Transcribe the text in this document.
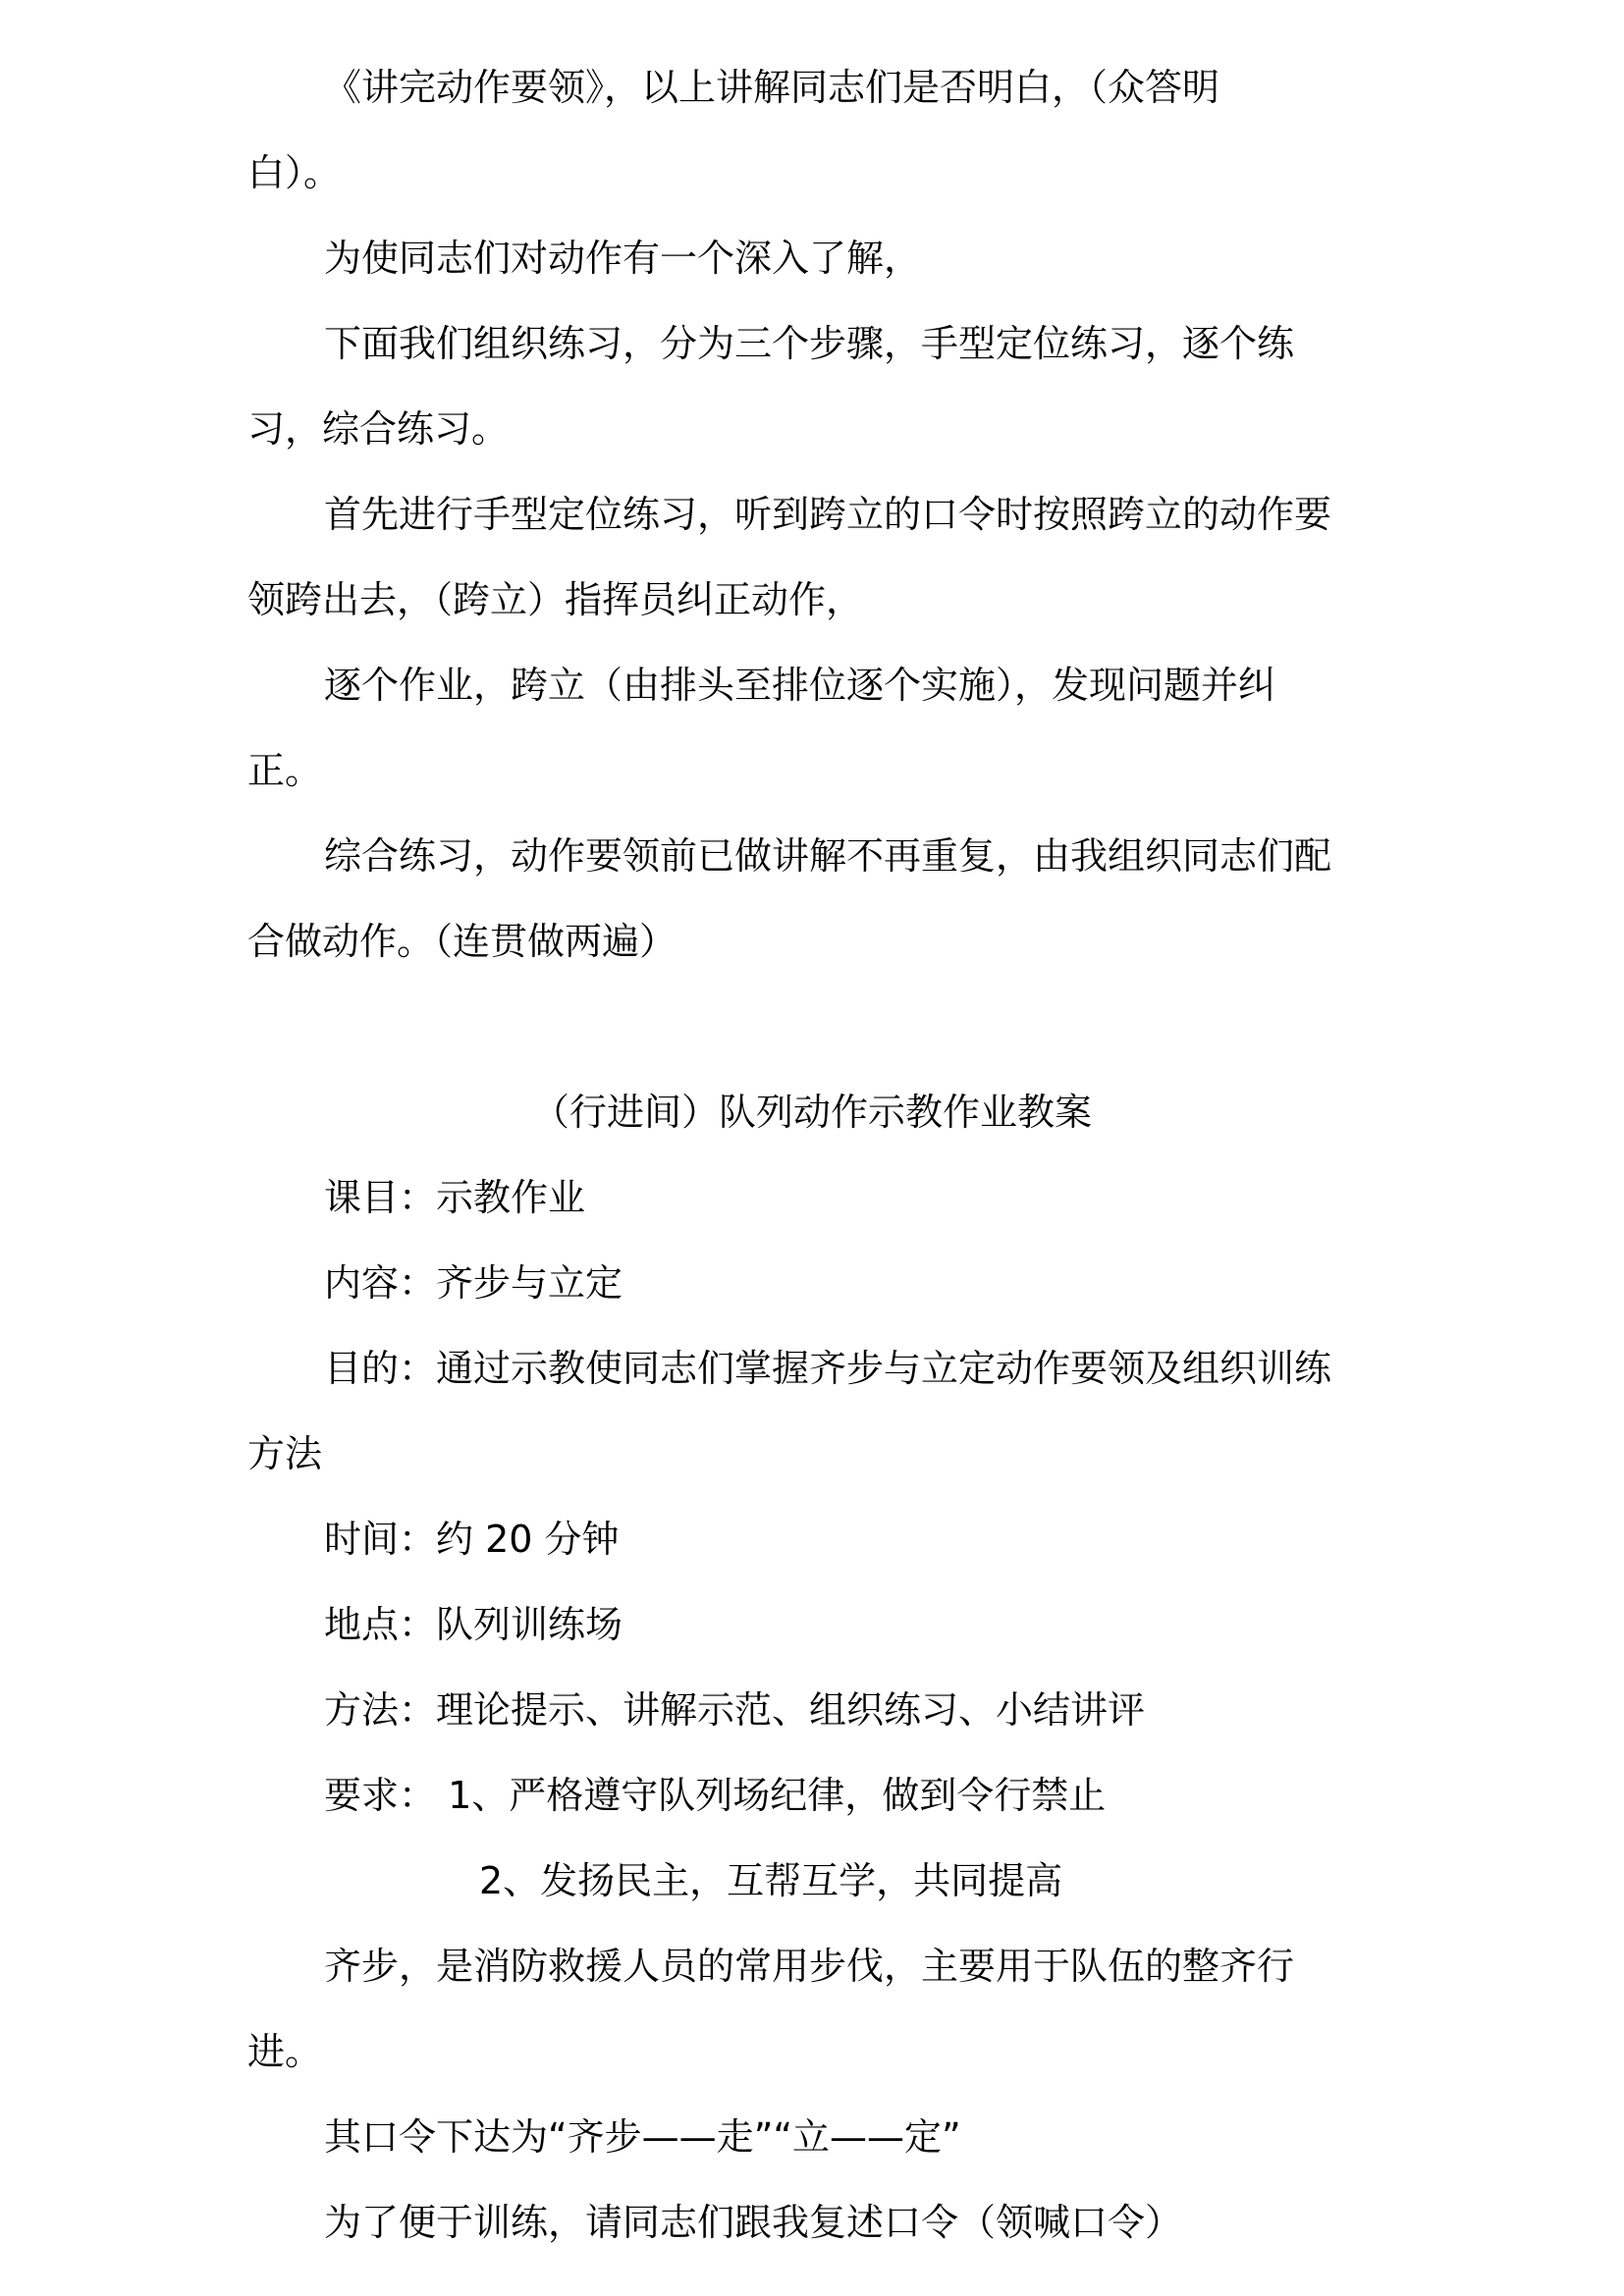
《讲完动作要领》，以上讲解同志们是否明白，（众答明
白）。
为使同志们对动作有一个深入了解，
下面我们组织练习，分为三个步骤，手型定位练习，逐个练
习，综合练习。
首先进行手型定位练习，听到跨立的口令时按照跨立的动作要
领跨出去，（跨立）指挥员纠正动作，
逐个作业，跨立（由排头至排位逐个实施），发现问题并纠
正。
综合练习，动作要领前已做讲解不再重复，由我组织同志们配
合做动作。（连贯做两遍）
（行进间）队列动作示教作业教案
课目：示教作业
内容：齐步与立定
目的：通过示教使同志们掌握齐步与立定动作要领及组织训练
方法
时间：约 20 分钟
地点：队列训练场
方法：理论提示、讲解示范、组织练习、小结讲评
要求： 1、严格遵守队列场纪律，做到令行禁止
2、发扬民主，互帮互学，共同提高
齐步，是消防救援人员的常用步伐，主要用于队伍的整齐行
进。
其口令下达为“齐步——走”“立——定”
为了便于训练，请同志们跟我复述口令（领喊口令）
